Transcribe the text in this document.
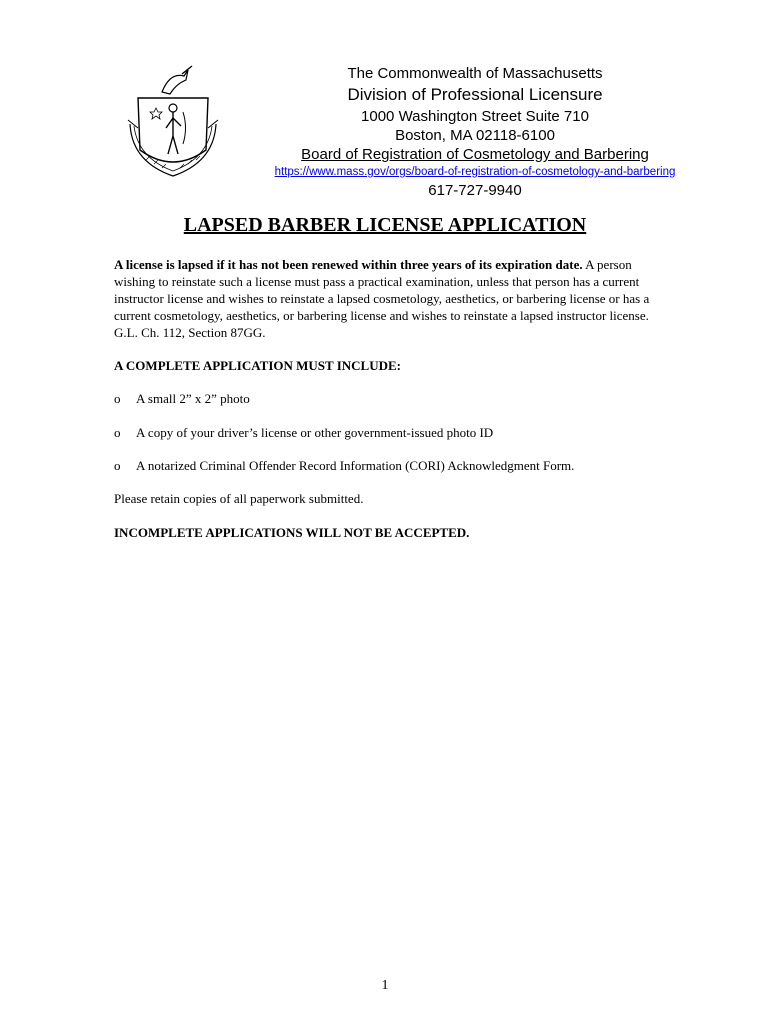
The Commonwealth of Massachusetts
Division of Professional Licensure
1000 Washington Street Suite 710
Boston, MA 02118-6100
Board of Registration of Cosmetology and Barbering
https://www.mass.gov/orgs/board-of-registration-of-cosmetology-and-barbering
617-727-9940
LAPSED BARBER LICENSE APPLICATION

A license is lapsed if it has not been renewed within three years of its expiration date. A person wishing to reinstate such a license must pass a practical examination, unless that person has a current instructor license and wishes to reinstate a lapsed cosmetology, aesthetics, or barbering license or has a current cosmetology, aesthetics, or barbering license and wishes to reinstate a lapsed instructor license. G.L. Ch. 112, Section 87GG.

A COMPLETE APPLICATION MUST INCLUDE:
o A small 2” x 2” photo
o A copy of your driver’s license or other government-issued photo ID
o A notarized Criminal Offender Record Information (CORI) Acknowledgment Form.
Please retain copies of all paperwork submitted.
INCOMPLETE APPLICATIONS WILL NOT BE ACCEPTED.
1
